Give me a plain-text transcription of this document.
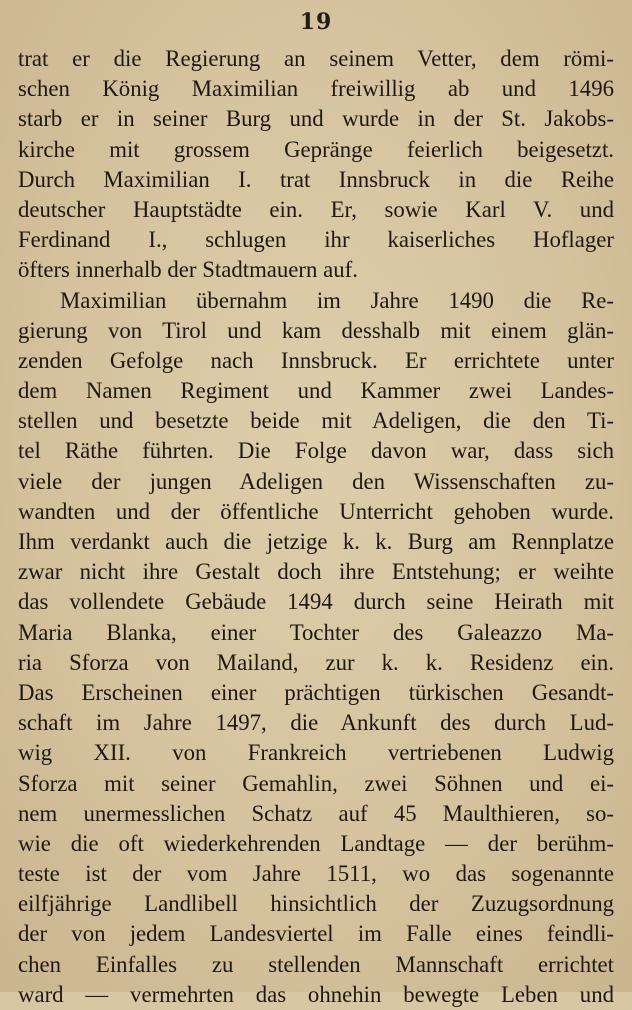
19
trat er die Regierung an seinem Vetter, dem römi-
schen König Maximilian freiwillig ab und 1496
starb er in seiner Burg und wurde in der St. Jakobs-
kirche mit grossem Gepränge feierlich beigesetzt.
Durch Maximilian I. trat Innsbruck in die Reihe
deutscher Hauptstädte ein. Er, sowie Karl V. und
Ferdinand I., schlugen ihr kaiserliches Hoflager
öfters innerhalb der Stadtmauern auf.
Maximilian übernahm im Jahre 1490 die Re-
gierung von Tirol und kam desshalb mit einem glän-
zenden Gefolge nach Innsbruck. Er errichtete unter
dem Namen Regiment und Kammer zwei Landes-
stellen und besetzte beide mit Adeligen, die den Ti-
tel Räthe führten. Die Folge davon war, dass sich
viele der jungen Adeligen den Wissenschaften zu-
wandten und der öffentliche Unterricht gehoben wurde.
Ihm verdankt auch die jetzige k. k. Burg am Rennplatze
zwar nicht ihre Gestalt doch ihre Entstehung; er weihte
das vollendete Gebäude 1494 durch seine Heirath mit
Maria Blanka, einer Tochter des Galeazzo Ma-
ria Sforza von Mailand, zur k. k. Residenz ein.
Das Erscheinen einer prächtigen türkischen Gesandt-
schaft im Jahre 1497, die Ankunft des durch Lud-
wig XII. von Frankreich vertriebenen Ludwig
Sforza mit seiner Gemahlin, zwei Söhnen und ei-
nem unermesslichen Schatz auf 45 Maulthieren, so-
wie die oft wiederkehrenden Landtage — der berühm-
teste ist der vom Jahre 1511, wo das sogenannte
eilfjährige Landlibell hinsichtlich der Zuzugsordnung
der von jedem Landesviertel im Falle eines feindli-
chen Einfalles zu stellenden Mannschaft errichtet
ward — vermehrten das ohnehin bewegte Leben und
